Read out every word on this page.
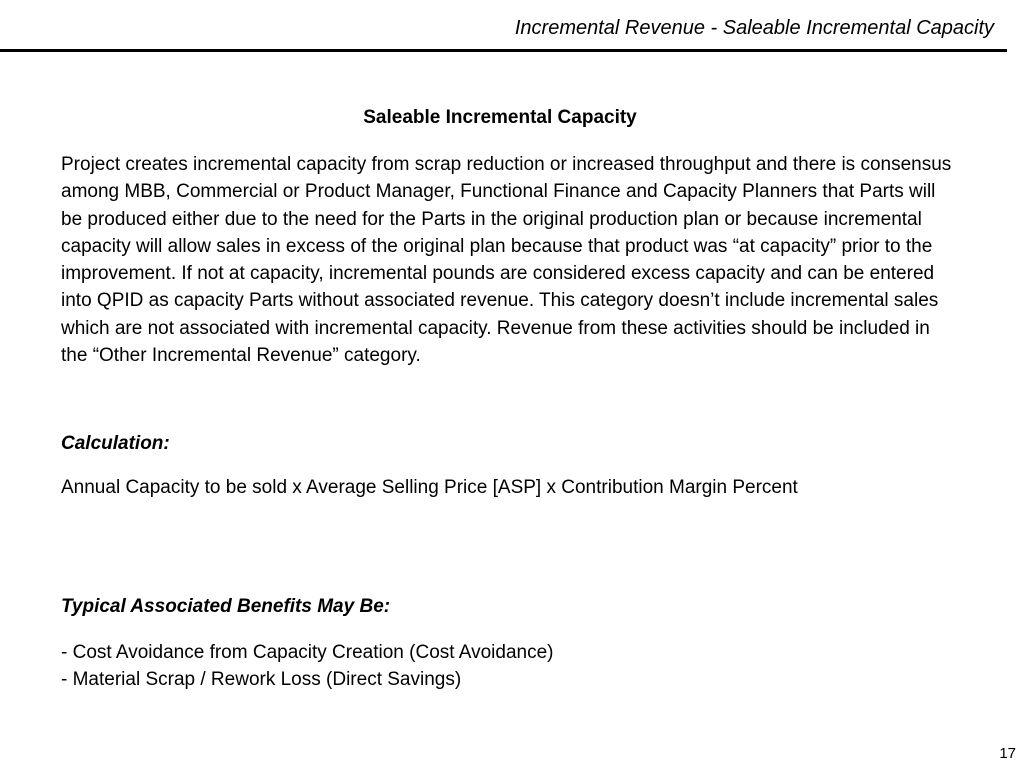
Incremental Revenue - Saleable Incremental Capacity
Saleable Incremental Capacity
Project creates incremental capacity from scrap reduction or increased throughput and there is consensus among MBB, Commercial or Product Manager, Functional Finance and Capacity Planners that Parts will be produced either due to the need for the Parts in the original production plan or because incremental capacity will allow sales in excess of the original plan because that product was “at capacity” prior to the improvement. If not at capacity, incremental pounds are considered excess capacity and can be entered into QPID as capacity Parts without associated revenue. This category doesn’t include incremental sales which are not associated with incremental capacity. Revenue from these activities should be included in the “Other Incremental Revenue” category.
Calculation:
Annual Capacity to be sold x Average Selling Price [ASP] x Contribution Margin Percent
Typical Associated Benefits May Be:
- Cost Avoidance from Capacity Creation (Cost Avoidance)
- Material Scrap / Rework Loss (Direct Savings)
17
